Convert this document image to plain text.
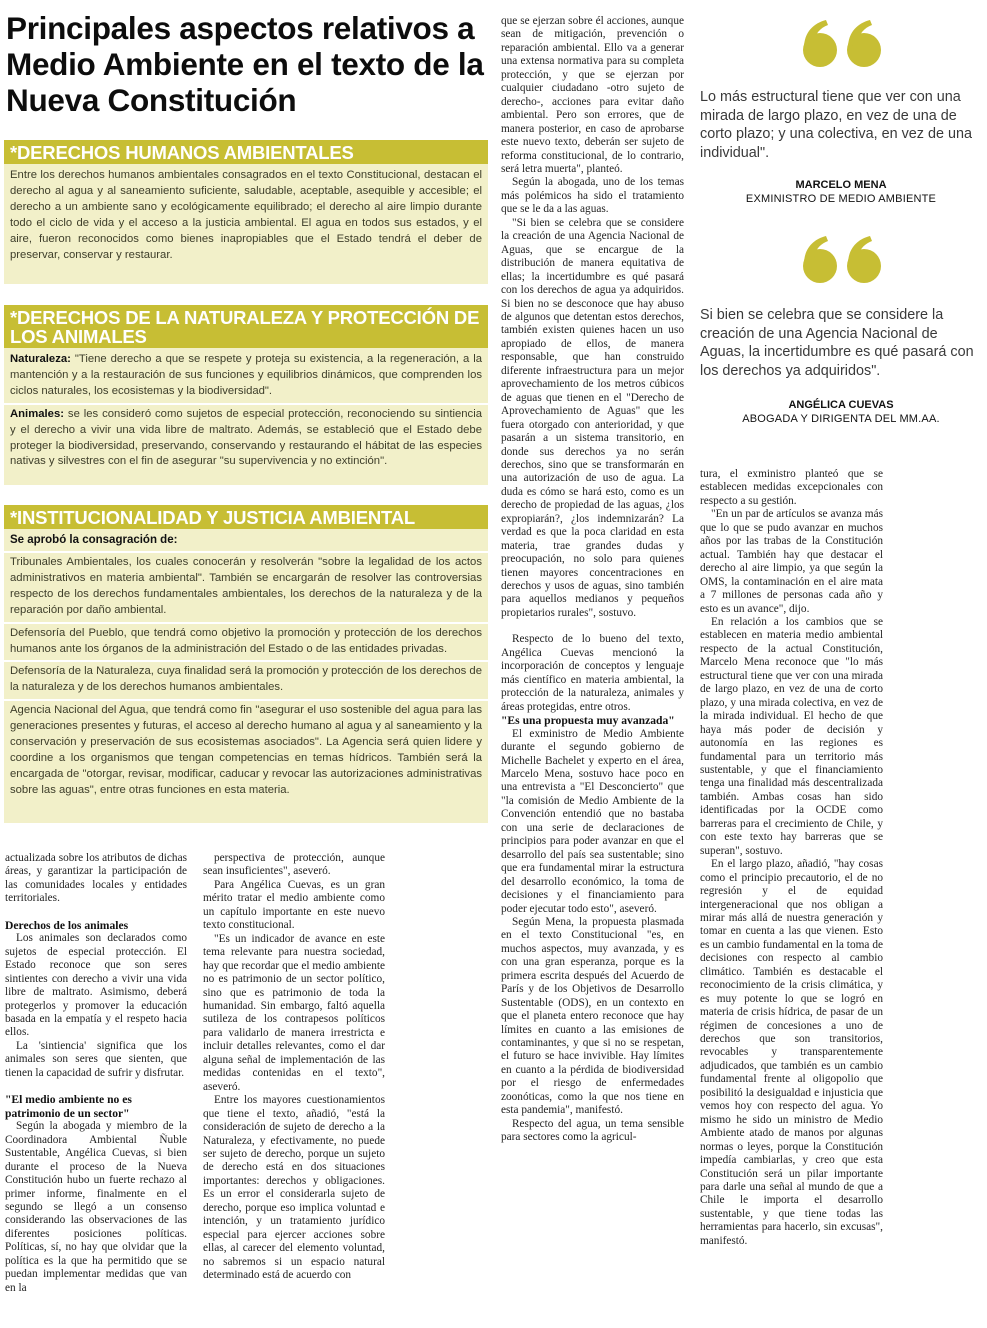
Principales aspectos relativos a Medio Ambiente en el texto de la Nueva Constitución
*DERECHOS HUMANOS AMBIENTALES
Entre los derechos humanos ambientales consagrados en el texto Constitucional, destacan el derecho al agua y al saneamiento suficiente, saludable, aceptable, asequible y accesible; el derecho a un ambiente sano y ecológicamente equilibrado; el derecho al aire limpio durante todo el ciclo de vida y el acceso a la justicia ambiental. El agua en todos sus estados, y el aire, fueron reconocidos como bienes inapropiables que el Estado tendrá el deber de preservar, conservar y restaurar.
*DERECHOS DE LA NATURALEZA Y PROTECCIÓN DE LOS ANIMALES
Naturaleza: "Tiene derecho a que se respete y proteja su existencia, a la regeneración, a la mantención y a la restauración de sus funciones y equilibrios dinámicos, que comprenden los ciclos naturales, los ecosistemas y la biodiversidad".
Animales: se les consideró como sujetos de especial protección, reconociendo su sintiencia y el derecho a vivir una vida libre de maltrato. Además, se estableció que el Estado debe proteger la biodiversidad, preservando, conservando y restaurando el hábitat de las especies nativas y silvestres con el fin de asegurar "su supervivencia y no extinción".
*INSTITUCIONALIDAD Y JUSTICIA AMBIENTAL
Se aprobó la consagración de:
Tribunales Ambientales, los cuales conocerán y resolverán "sobre la legalidad de los actos administrativos en materia ambiental". También se encargarán de resolver las controversias respecto de los derechos fundamentales ambientales, los derechos de la naturaleza y de la reparación por daño ambiental.
Defensoría del Pueblo, que tendrá como objetivo la promoción y protección de los derechos humanos ante los órganos de la administración del Estado o de las entidades privadas.
Defensoría de la Naturaleza, cuya finalidad será la promoción y protección de los derechos de la naturaleza y de los derechos humanos ambientales.
Agencia Nacional del Agua, que tendrá como fin "asegurar el uso sostenible del agua para las generaciones presentes y futuras, el acceso al derecho humano al agua y al saneamiento y la conservación y preservación de sus ecosistemas asociados". La Agencia será quien lidere y coordine a los organismos que tengan competencias en temas hídricos. También será la encargada de "otorgar, revisar, modificar, caducar y revocar las autorizaciones administrativas sobre las aguas", entre otras funciones en esta materia.

actualizada sobre los atributos de dichas áreas, y garantizar la participación de las comunidades locales y entidades territoriales.

Derechos de los animales

Los animales son declarados como sujetos de especial protección. El Estado reconoce que son seres sintientes con derecho a vivir una vida libre de maltrato. Asimismo, deberá protegerlos y promover la educación basada en la empatía y el respeto hacia ellos.

La 'sintiencia' significa que los animales son seres que sienten, que tienen la capacidad de sufrir y disfrutar.

"El medio ambiente no es patrimonio de un sector"

Según la abogada y miembro de la Coordinadora Ambiental Ñuble Sustentable, Angélica Cuevas, si bien durante el proceso de la Nueva Constitución hubo un fuerte rechazo al primer informe, finalmente en el segundo se llegó a un consenso considerando las observaciones de las diferentes posiciones políticas. Políticas, sí, no hay que olvidar que la política es la que ha permitido que se puedan implementar medidas que van en la

perspectiva de protección, aunque sean insuficientes", aseveró.

Para Angélica Cuevas, es un gran mérito tratar el medio ambiente como un capítulo importante en este nuevo texto constitucional.

"Es un indicador de avance en este tema relevante para nuestra sociedad, hay que recordar que el medio ambiente no es patrimonio de un sector político, sino que es patrimonio de toda la humanidad. Sin embargo, faltó aquella sutileza de los contrapesos políticos para validarlo de manera irrestricta e incluir detalles relevantes, como el dar alguna señal de implementación de las medidas contenidas en el texto", aseveró.

Entre los mayores cuestionamientos que tiene el texto, añadió, "está la consideración de sujeto de derecho a la Naturaleza, y efectivamente, no puede ser sujeto de derecho, porque un sujeto de derecho está en dos situaciones importantes: derechos y obligaciones. Es un error el considerarla sujeto de derecho, porque eso implica voluntad e intención, y un tratamiento jurídico especial para ejercer acciones sobre ellas, al carecer del elemento voluntad, no sabremos si un espacio natural determinado está de acuerdo con

que se ejerzan sobre él acciones, aunque sean de mitigación, prevención o reparación ambiental. Ello va a generar una extensa normativa para su completa protección, y que se ejerzan por cualquier ciudadano -otro sujeto de derecho-, acciones para evitar daño ambiental. Pero son errores, que de manera posterior, en caso de aprobarse este nuevo texto, deberán ser sujeto de reforma constitucional, de lo contrario, será letra muerta", planteó.

Según la abogada, uno de los temas más polémicos ha sido el tratamiento que se le da a las aguas.

"Si bien se celebra que se considere la creación de una Agencia Nacional de Aguas, que se encargue de la distribución de manera equitativa de ellas; la incertidumbre es qué pasará con los derechos de agua ya adquiridos. Si bien no se desconoce que hay abuso de algunos que detentan estos derechos, también existen quienes hacen un uso apropiado de ellos, de manera responsable, que han construido diferente infraestructura para un mejor aprovechamiento de los metros cúbicos de aguas que tienen en el "Derecho de Aprovechamiento de Aguas" que les fuera otorgado con anterioridad, y que pasarán a un sistema transitorio, en donde sus derechos ya no serán derechos, sino que se transformarán en una autorización de uso de agua. La duda es cómo se hará esto, como es un derecho de propiedad de las aguas, ¿los expropiarán?, ¿los indemnizarán? La verdad es que la poca claridad en esta materia, trae grandes dudas y preocupación, no solo para quienes tienen mayores concentraciones en derechos y usos de aguas, sino también para aquellos medianos y pequeños propietarios rurales", sostuvo.

Respecto de lo bueno del texto, Angélica Cuevas mencionó la incorporación de conceptos y lenguaje más científico en materia ambiental, la protección de la naturaleza, animales y áreas protegidas, entre otros.

"Es una propuesta muy avanzada"

El exministro de Medio Ambiente durante el segundo gobierno de Michelle Bachelet y experto en el área, Marcelo Mena, sostuvo hace poco en una entrevista a "El Desconcierto" que "la comisión de Medio Ambiente de la Convención entendió que no bastaba con una serie de declaraciones de principios para poder avanzar en que el desarrollo del país sea sustentable; sino que era fundamental mirar la estructura del desarrollo económico, la toma de decisiones y el financiamiento para poder ejecutar todo esto", aseveró.

Según Mena, la propuesta plasmada en el texto Constitucional "es, en muchos aspectos, muy avanzada, y es con una gran esperanza, porque es la primera escrita después del Acuerdo de París y de los Objetivos de Desarrollo Sustentable (ODS), en un contexto en que el planeta entero reconoce que hay límites en cuanto a las emisiones de contaminantes, y que si no se respetan, el futuro se hace invivible. Hay límites en cuanto a la pérdida de biodiversidad por el riesgo de enfermedades zoonóticas, como la que nos tiene en esta pandemia", manifestó.

Respecto del agua, un tema sensible para sectores como la agricul-

tura, el exministro planteó que se establecen medidas excepcionales con respecto a su gestión.

"En un par de artículos se avanza más que lo que se pudo avanzar en muchos años por las trabas de la Constitución actual. También hay que destacar el derecho al aire limpio, ya que según la OMS, la contaminación en el aire mata a 7 millones de personas cada año y esto es un avance", dijo.

En relación a los cambios que se establecen en materia medio ambiental respecto de la actual Constitución, Marcelo Mena reconoce que "lo más estructural tiene que ver con una mirada de largo plazo, en vez de una de corto plazo, y una mirada colectiva, en vez de la mirada individual. El hecho de que haya más poder de decisión y autonomía en las regiones es fundamental para un territorio más sustentable, y que el financiamiento tenga una finalidad más descentralizada también. Ambas cosas han sido identificadas por la OCDE como barreras para el crecimiento de Chile, y con este texto hay barreras que se superan", sostuvo.

En el largo plazo, añadió, "hay cosas como el principio precautorio, el de no regresión y el de equidad intergeneracional que nos obligan a mirar más allá de nuestra generación y tomar en cuenta a las que vienen. Esto es un cambio fundamental en la toma de decisiones con respecto al cambio climático. También es destacable el reconocimiento de la crisis climática, y es muy potente lo que se logró en materia de crisis hídrica, de pasar de un régimen de concesiones a uno de derechos que son transitorios, revocables y transparentemente adjudicados, que también es un cambio fundamental frente al oligopolio que posibilitó la desigualdad e injusticia que vemos hoy con respecto del agua. Yo mismo he sido un ministro de Medio Ambiente atado de manos por algunas normas o leyes, porque la Constitución impedía cambiarlas, y creo que esta Constitución será un pilar importante para darle una señal al mundo de que a Chile le importa el desarrollo sustentable, y que tiene todas las herramientas para hacerlo, sin excusas", manifestó.

Lo más estructural tiene que ver con una mirada de largo plazo, en vez de una de corto plazo; y una colectiva, en vez de una individual".
MARCELO MENA
EXMINISTRO DE MEDIO AMBIENTE
Si bien se celebra que se considere la creación de una Agencia Nacional de Aguas, la incertidumbre es qué pasará con los derechos ya adquiridos".
ANGÉLICA CUEVAS
ABOGADA Y DIRIGENTA DEL MM.AA.
